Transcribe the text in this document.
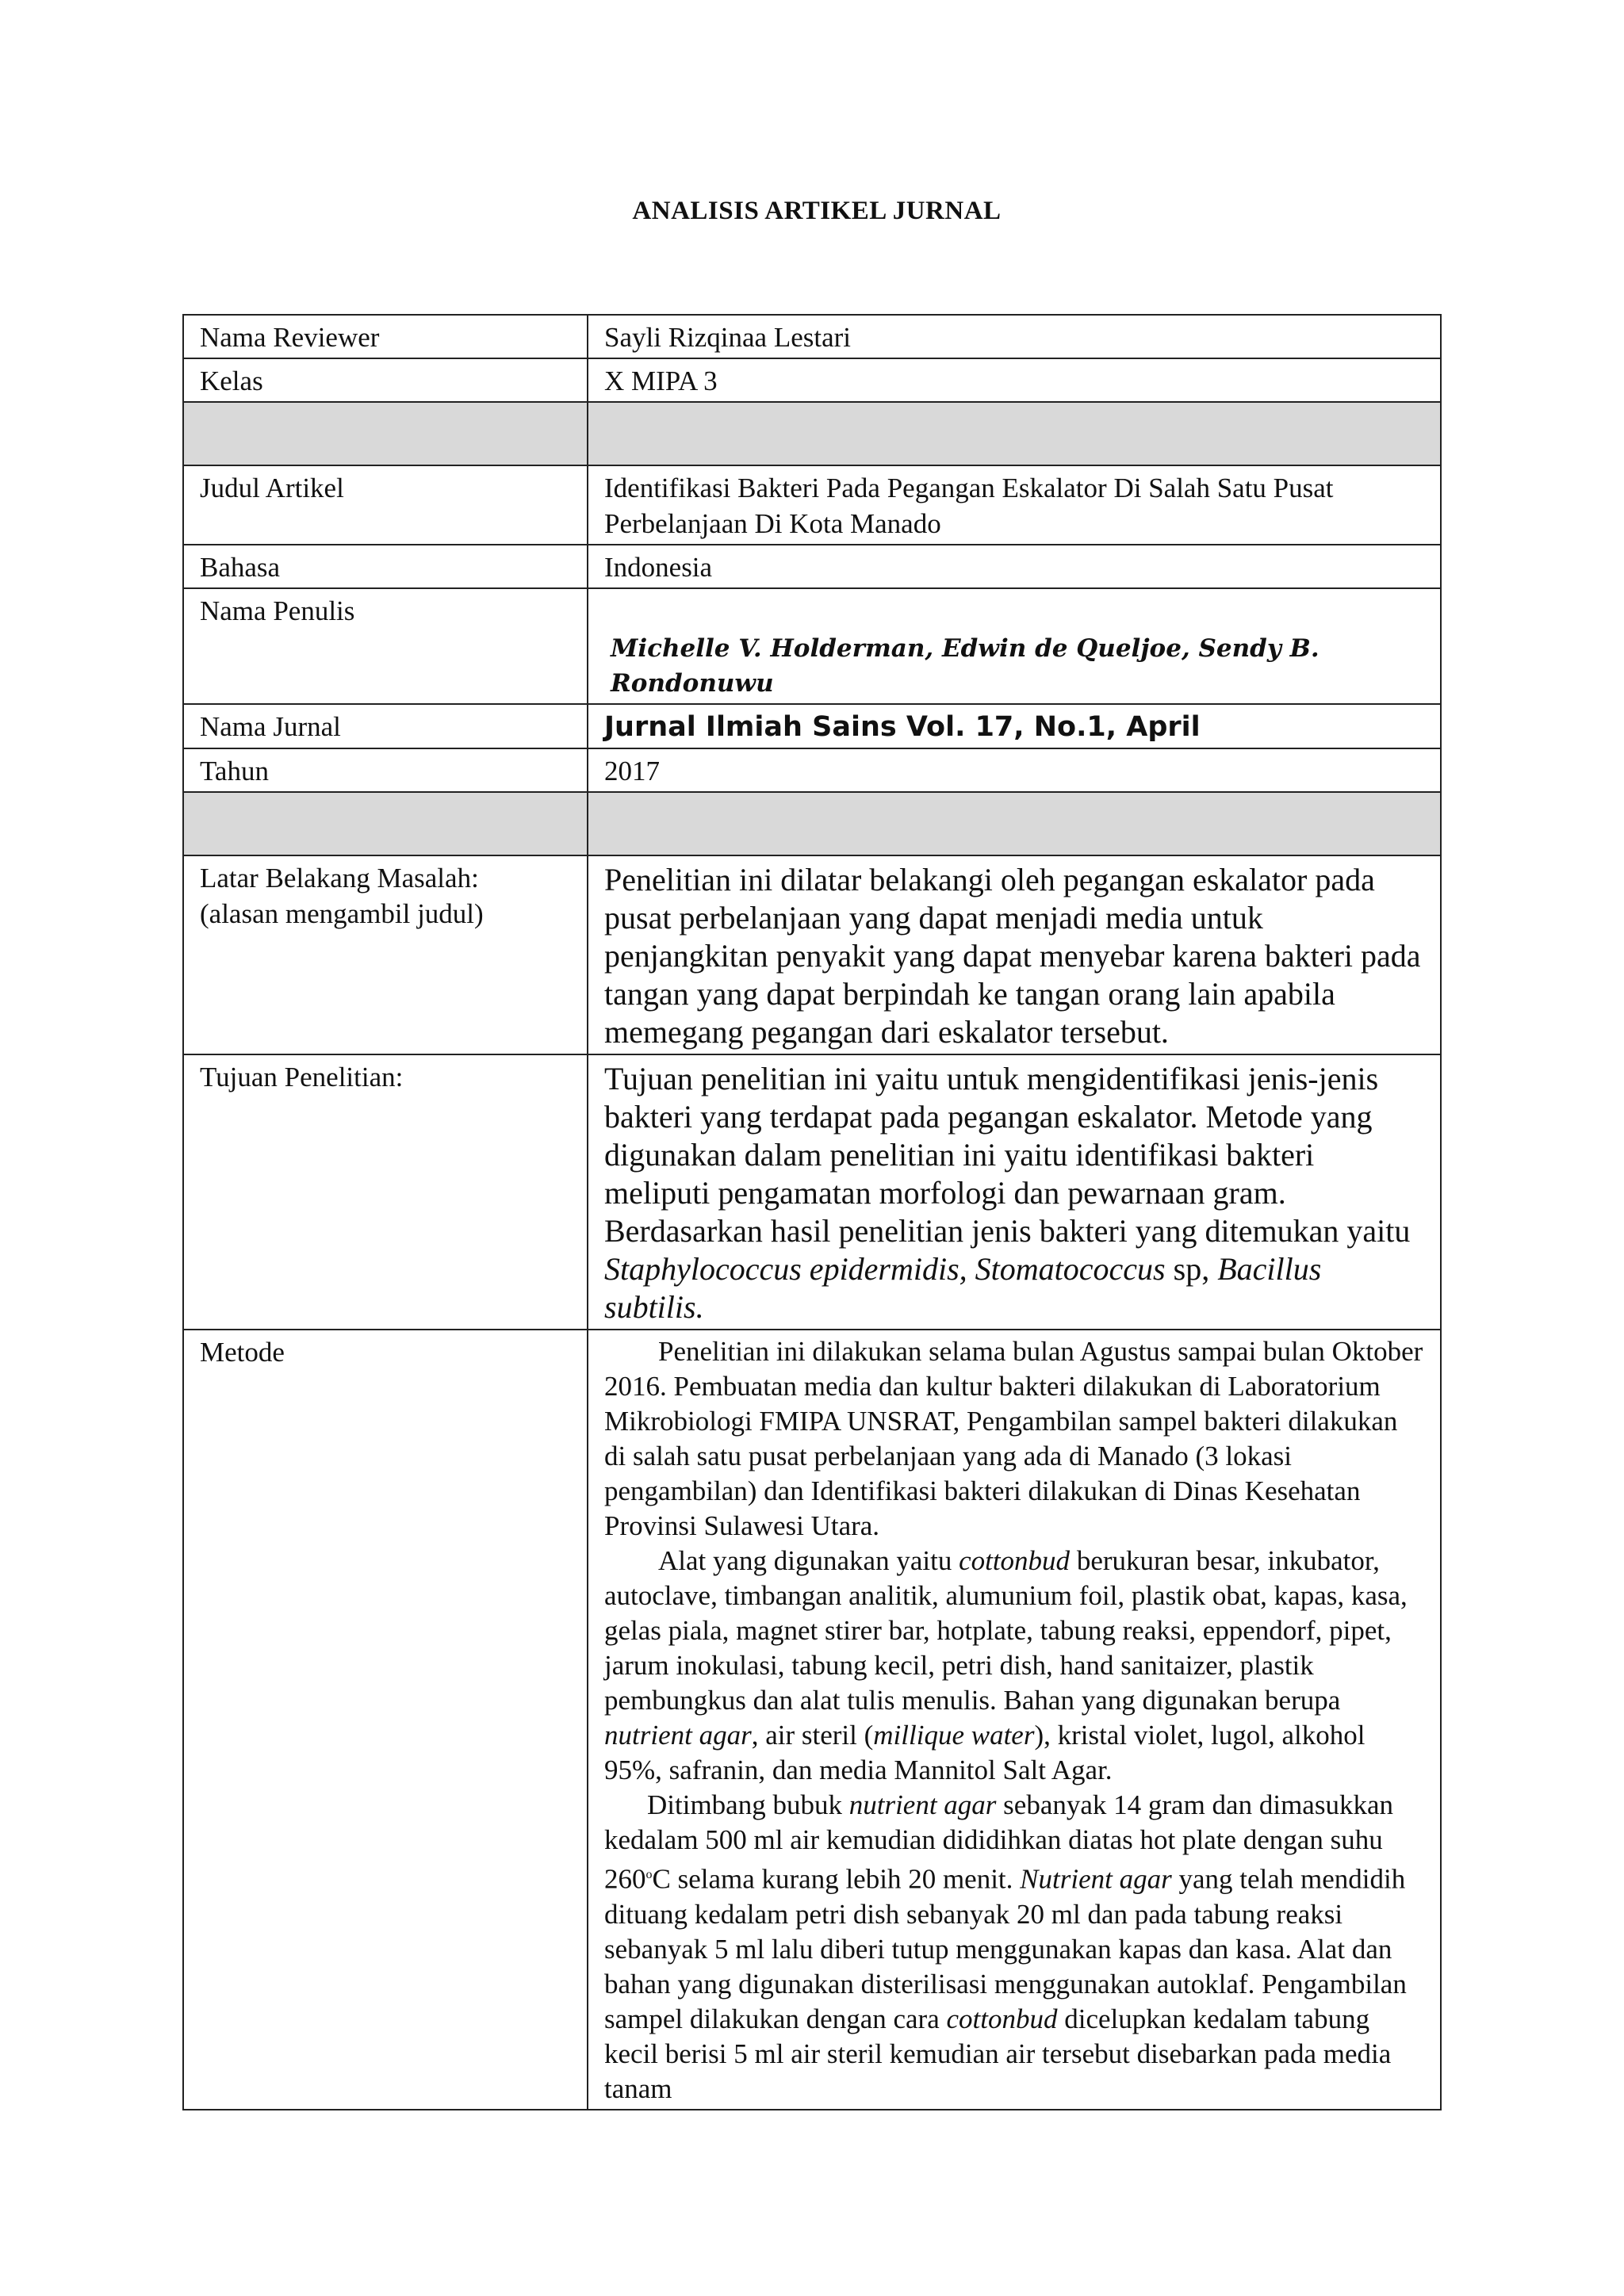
ANALISIS ARTIKEL JURNAL
Nama Reviewer	Sayli Rizqinaa Lestari
Kelas	X MIPA 3

Judul Artikel	Identifikasi Bakteri Pada Pegangan Eskalator Di Salah Satu Pusat Perbelanjaan Di Kota Manado
Bahasa	Indonesia
Nama Penulis	Michelle V. Holderman, Edwin de Queljoe, Sendy B. Rondonuwu

Nama Jurnal	Jurnal Ilmiah Sains Vol. 17, No.1, April
Tahun	2017

Latar Belakang Masalah:
(alasan mengambil judul)	Penelitian ini dilatar belakangi oleh pegangan eskalator pada pusat perbelanjaan yang dapat menjadi media untuk penjangkitan penyakit yang dapat menyebar karena bakteri pada tangan yang dapat berpindah ke tangan orang lain apabila memegang pegangan dari eskalator tersebut.
Tujuan Penelitian:	Tujuan penelitian ini yaitu untuk mengidentifikasi jenis-jenis bakteri yang terdapat pada pegangan eskalator. Metode yang digunakan dalam penelitian ini yaitu identifikasi bakteri meliputi pengamatan morfologi dan pewarnaan gram. Berdasarkan hasil penelitian jenis bakteri yang ditemukan yaitu Staphylococcus epidermidis, Stomatococcus sp, Bacillus subtilis.
Metode	Penelitian ini dilakukan selama bulan Agustus sampai bulan Oktober 2016. Pembuatan media dan kultur bakteri dilakukan di Laboratorium Mikrobiologi FMIPA UNSRAT, Pengambilan sampel bakteri dilakukan di salah satu pusat perbelanjaan yang ada di Manado (3 lokasi pengambilan) dan Identifikasi bakteri dilakukan di Dinas Kesehatan Provinsi Sulawesi Utara.

Alat yang digunakan yaitu cottonbud berukuran besar, inkubator, autoclave, timbangan analitik, alumunium foil, plastik obat, kapas, kasa, gelas piala, magnet stirer bar, hotplate, tabung reaksi, eppendorf, pipet, jarum inokulasi, tabung kecil, petri dish, hand sanitaizer, plastik pembungkus dan alat tulis menulis. Bahan yang digunakan berupa nutrient agar, air steril (millique water), kristal violet, lugol, alkohol 95%, safranin, dan media Mannitol Salt Agar.

Ditimbang bubuk nutrient agar sebanyak 14 gram dan dimasukkan kedalam 500 ml air kemudian dididihkan diatas hot plate dengan suhu 260$^o$C selama kurang lebih 20 menit. Nutrient agar yang telah mendidih dituang kedalam petri dish sebanyak 20 ml dan pada tabung reaksi sebanyak 5 ml lalu diberi tutup menggunakan kapas dan kasa. Alat dan bahan yang digunakan disterilisasi menggunakan autoklaf. Pengambilan sampel dilakukan dengan cara cottonbud dicelupkan kedalam tabung kecil berisi 5 ml air steril kemudian air tersebut disebarkan pada media tanam
